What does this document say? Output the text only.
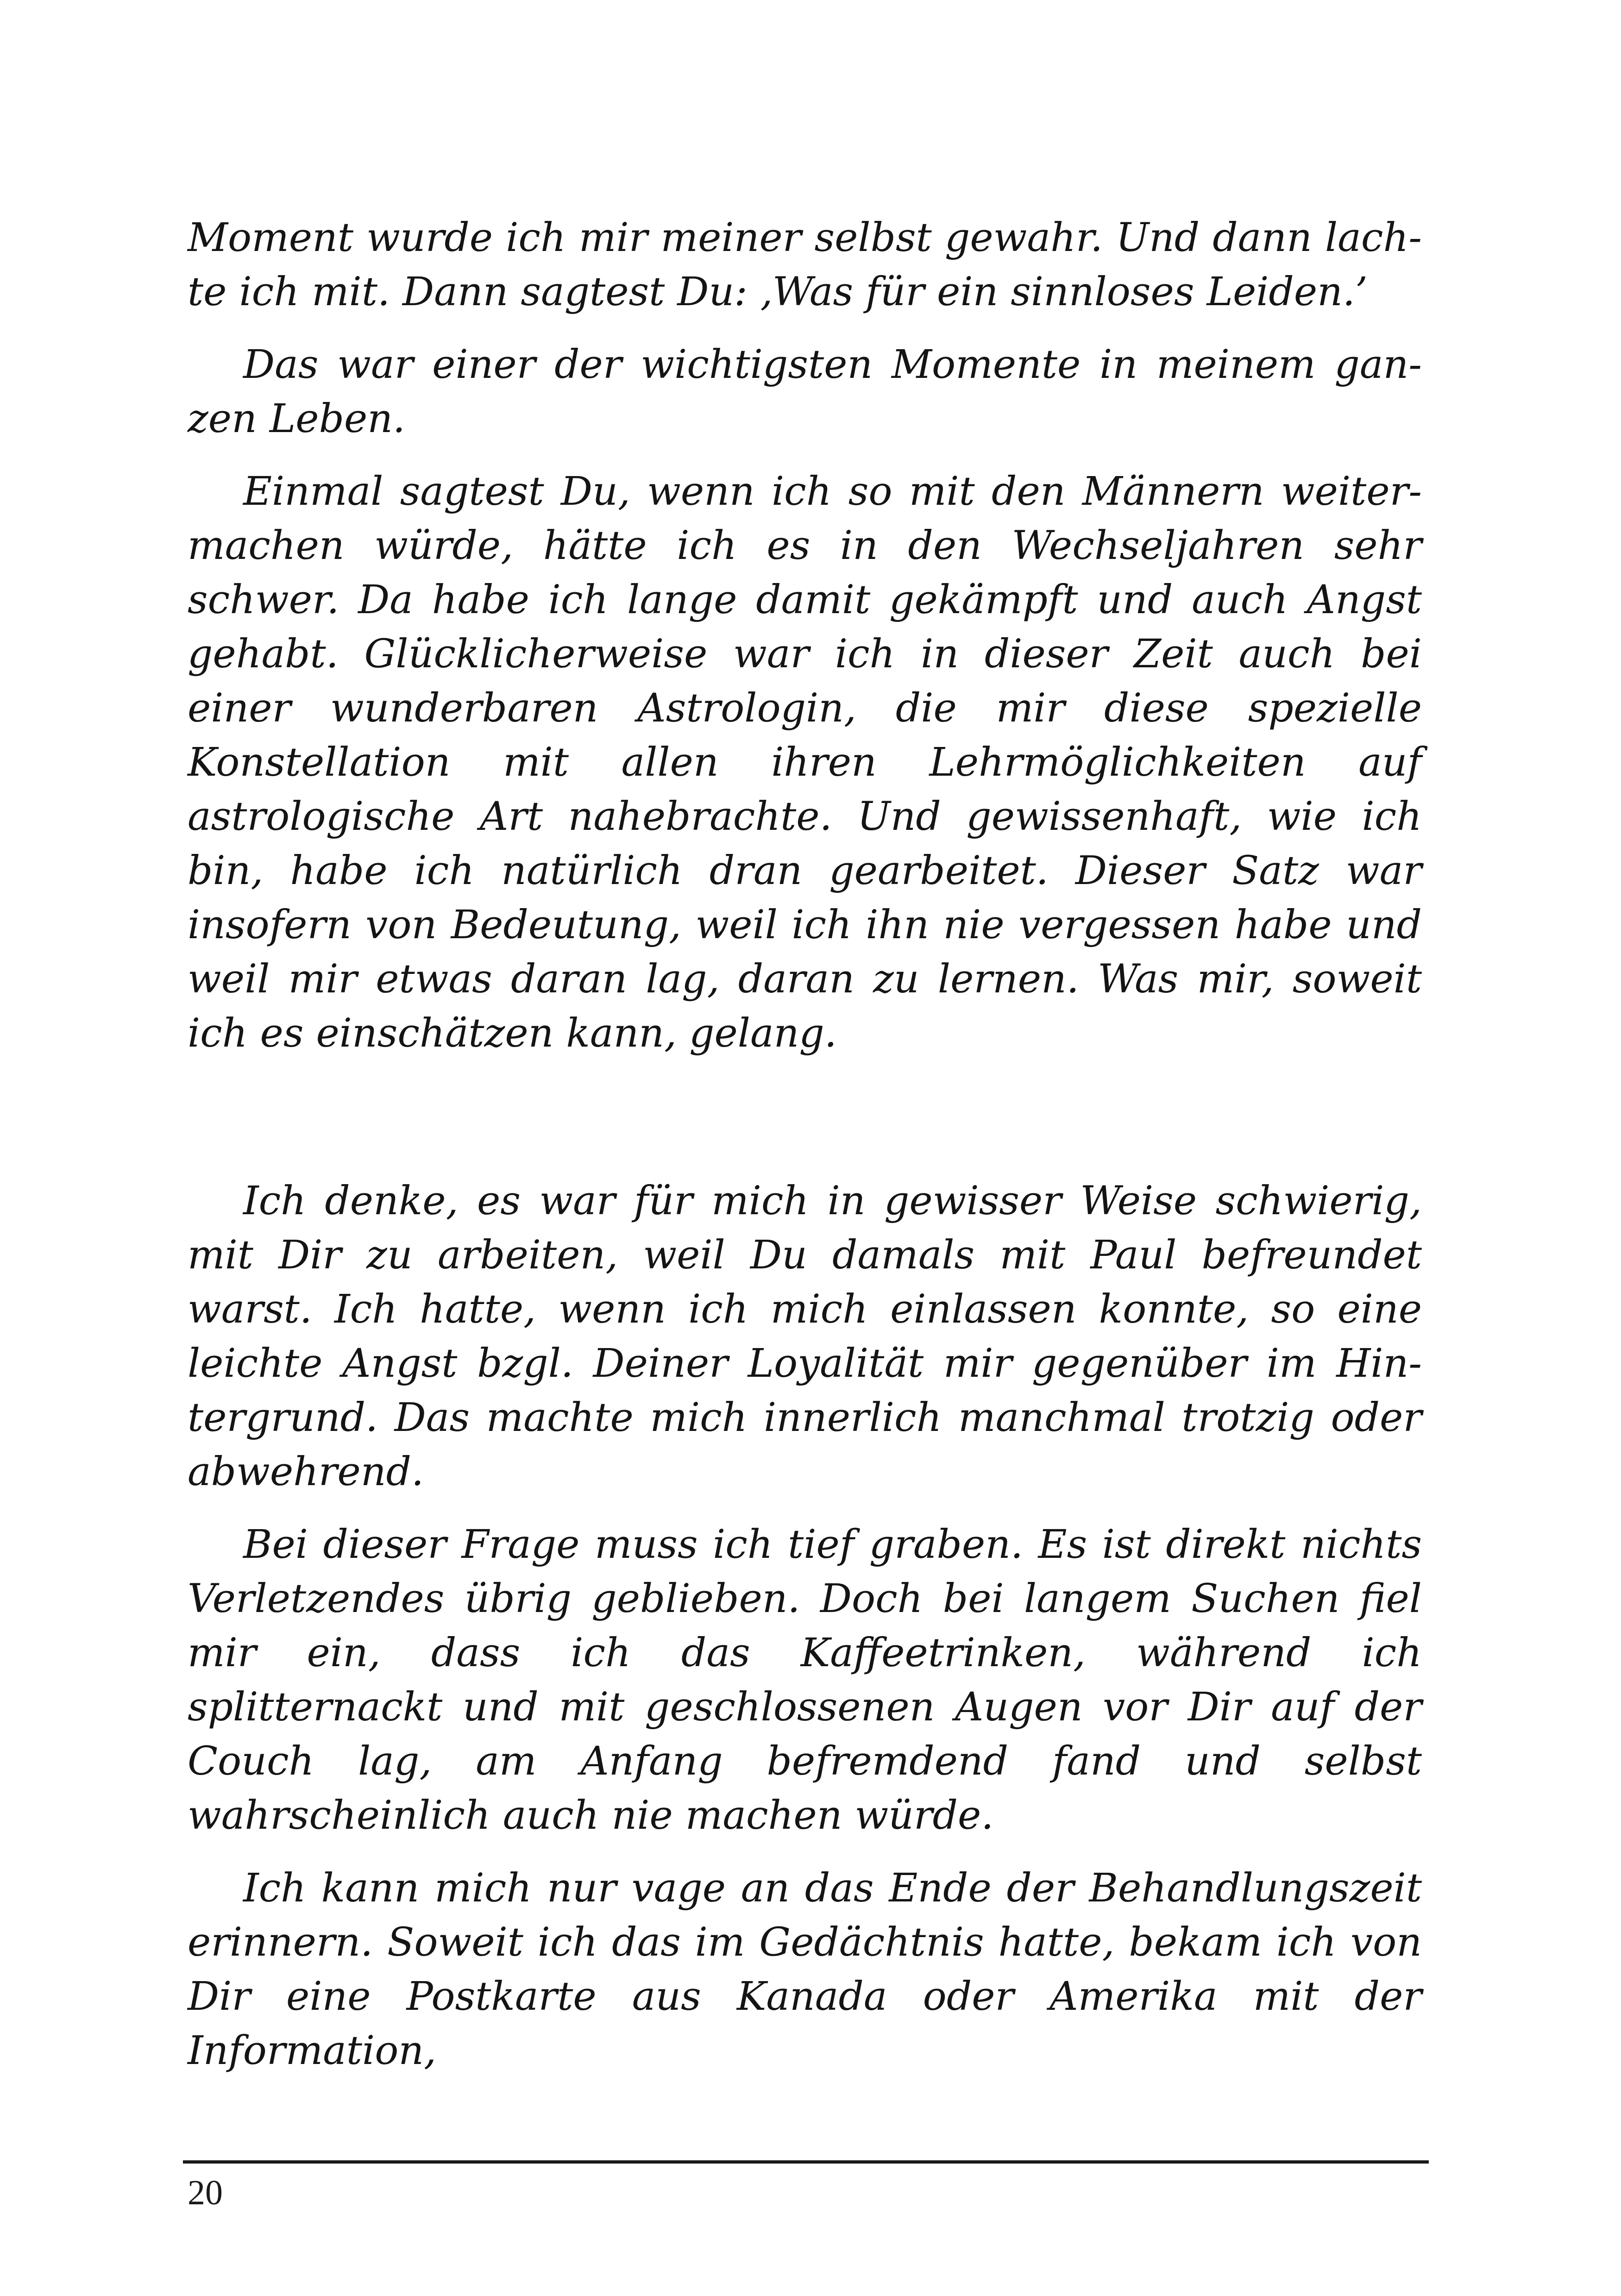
Moment wurde ich mir meiner selbst gewahr. Und dann lachte ich mit. Dann sagtest Du: ‚Was für ein sinnloses Leiden.’

Das war einer der wichtigsten Momente in meinem ganzen Leben.

Einmal sagtest Du, wenn ich so mit den Männern weitermachen würde, hätte ich es in den Wechseljahren sehr schwer. Da habe ich lange damit gekämpft und auch Angst gehabt. Glücklicherweise war ich in dieser Zeit auch bei einer wunderbaren Astrologin, die mir diese spezielle Konstellation mit allen ihren Lehrmöglichkeiten auf astrologische Art nahebrachte. Und gewissenhaft, wie ich bin, habe ich natürlich dran gearbeitet. Dieser Satz war insofern von Bedeutung, weil ich ihn nie vergessen habe und weil mir etwas daran lag, daran zu lernen. Was mir, soweit ich es einschätzen kann, gelang.

Ich denke, es war für mich in gewisser Weise schwierig, mit Dir zu arbeiten, weil Du damals mit Paul befreundet warst. Ich hatte, wenn ich mich einlassen konnte, so eine leichte Angst bzgl. Deiner Loyalität mir gegenüber im Hintergrund. Das machte mich innerlich manchmal trotzig oder abwehrend.

Bei dieser Frage muss ich tief graben. Es ist direkt nichts Verletzendes übrig geblieben. Doch bei langem Suchen fiel mir ein, dass ich das Kaffeetrinken, während ich splitternackt und mit geschlossenen Augen vor Dir auf der Couch lag, am Anfang befremdend fand und selbst wahrscheinlich auch nie machen würde.

Ich kann mich nur vage an das Ende der Behandlungszeit erinnern. Soweit ich das im Gedächtnis hatte, bekam ich von Dir eine Postkarte aus Kanada oder Amerika mit der Information,

20
